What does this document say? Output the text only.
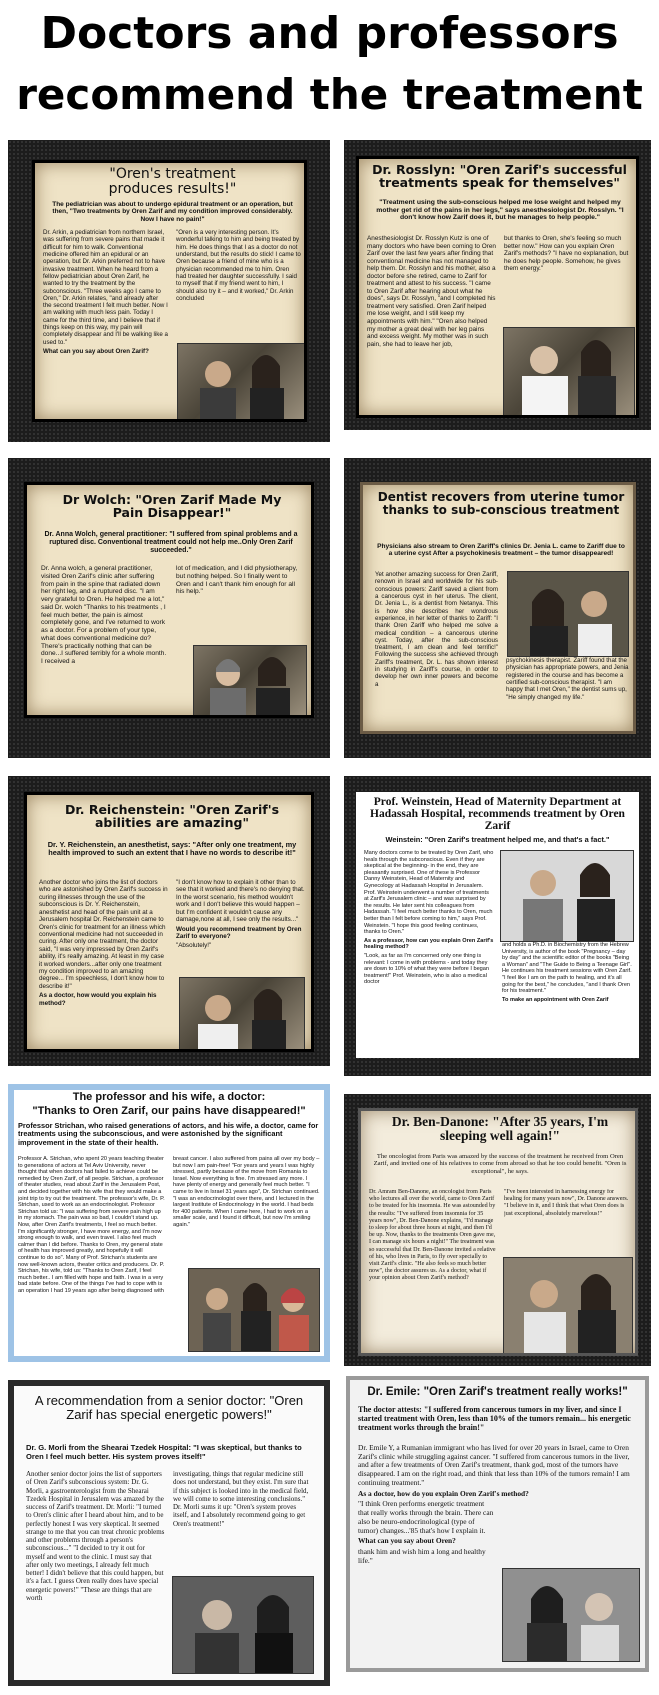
Doctors and professors
recommend the treatment
"Oren's treatment produces results!"
The pediatrician was about to undergo epidural treatment or an operation, but then, "Two treatments by Oren Zarif and my condition improved considerably. Now I have no pain!"

Dr. Arkin, a pediatrician from northern Israel, was suffering from severe pains that made it difficult for him to walk. Conventional medicine offered him an epidural or an operation, but Dr. Arkin preferred not to have invasive treatment. When he heard from a fellow pediatrician about Oren Zarif, he wanted to try the treatment by the subconscious. "Three weeks ago I came to Oren," Dr. Arkin relates, "and already after the second treatment I felt much better. Now I am walking with much less pain. Today I came for the third time, and I believe that if things keep on this way, my pain will completely disappear and I'll be walking like a used to."

What can you say about Oren Zarif?

"Oren is a very interesting person. It's wonderful talking to him and being treated by him. He does things that I as a doctor do not understand, but the results do stick! I came to Oren because a friend of mine who is a physician recommended me to him. Oren had treated her daughter successfully. I said to myself that if my friend went to him, I should also try it – and it worked," Dr. Arkin concluded

Dr. Rosslyn: "Oren Zarif's successful treatments speak for themselves"
"Treatment using the sub-conscious helped me lose weight and helped my mother get rid of the pains in her legs," says anesthesiologist Dr. Rosslyn. "I don't know how Zarif does it, but he manages to help people."

Anesthesiologist Dr. Rosslyn Kutz is one of many doctors who have been coming to Oren Zarif over the last few years after finding that conventional medicine has not managed to help them. Dr. Rosslyn and his mother, also a doctor before she retired, came to Zarif for treatment and attest to his success. "I came to Oren Zarif after hearing about what he does", says Dr. Rosslyn, "and I completed his treatment very satisfied. Oren Zarif helped me lose weight, and I still keep my appointments with him." "Oren also helped my mother a great deal with her leg pains and excess weight. My mother was in such pain, she had to leave her job,

but thanks to Oren, she's feeling so much better now." How can you explain Oren Zarif's methods? "I have no explanation, but he does help people. Somehow, he gives them energy."

Dr Wolch: "Oren Zarif Made My Pain Disappear!"
Dr. Anna Wolch, general practitioner: "I suffered from spinal problems and a ruptured disc. Conventional treatment could not help me..Only Oren Zarif succeeded."

Dr. Anna wolch, a general practitioner, visited Oren Zarif's clinic after suffering from pain in the spine that radiated down her right leg, and a ruptured disc. "I am very grateful to Oren. He helped me a lot," said Dr. wolch "Thanks to his treatments , I feel much better, the pain is almost completely gone, and I've returned to work as a doctor. For a problem of your type, what does conventional medicine do? There's practically nothing that can be done...I suffered terribly for a whole month. I received a

lot of medication, and I did physiotherapy, but nothing helped. So I finally went to Oren and I can't thank him enough for all his help."

Dentist recovers from uterine tumor thanks to sub-conscious treatment
Physicians also stream to Oren Zariff's clinics Dr. Jenia L. came to Zariff due to a uterine cyst After a psychokinesis treatment – the tumor disappeared!

Yet another amazing success for Oren Zariff, renown in Israel and worldwide for his sub-conscious powers: Zariff saved a client from a cancerous cyst in her uterus. The client, Dr. Jenia L., is a dentist from Netanya. This is how she describes her wondrous experience, in her letter of thanks to Zariff: "I thank Oren Zariff who helped me solve a medical condition – a cancerous uterine cyst. Today, after the sub-conscious treatment, I am clean and feel terrific!" Following the success she achieved through Zariff's treatment, Dr. L. has shown interest in studying in Zariff's course, in order to develop her own inner powers and become a

psychokinesis therapist. Zariff found that the physician has appropriate powers, and Jenia registered in the course and has become a certified sub-conscious therapist. "I am happy that I met Oren," the dentist sums up, "He simply changed my life."

Dr. Reichenstein: "Oren Zarif's abilities are amazing"
Dr. Y. Reichenstein, an anesthetist, says: "After only one treatment, my health improved to such an extent that I have no words to describe it!"

Another doctor who joins the list of doctors who are astonished by Oren Zarif's success in curing illnesses through the use of the subconscious is Dr. Y. Reichenstein, anesthetist and head of the pain unit at a Jerusalem hospital Dr. Reichenstein came to Oren's clinic for treatment for an illness which conventional medicine had not succeeded in curing. After only one treatment, the doctor said, "I was very impressed by Oren Zarif's ability, it's really amazing. At least in my case it worked wonders...after only one treatment my condition improved to an amazing degree... I'm speechless, I don't know how to describe it!"

As a doctor, how would you explain his method?

"I don't know how to explain it other than to see that it worked and there's no denying that. In the worst scenario, his method wouldn't work and I don't believe this would happen – but I'm confident it wouldn't cause any damage,none at all, I see only the results..."

Would you recommend treatment by Oren Zarif to everyone?

"Absolutely!"

Prof. Weinstein, Head of Maternity Department at Hadassah Hospital, recommends treatment by Oren Zarif
Weinstein: "Oren Zarif's treatment helped me, and that's a fact."

Many doctors come to be treated by Oren Zarif, who heals through the subconscious. Even if they are skeptical at the beginning- in the end, they are pleasantly surprised. One of these is Professor Danny Weinstein, Head of Maternity and Gynecology at Hadassah Hospital in Jerusalem. Prof. Weinstein underwent a number of treatments at Zarif's Jerusalem clinic – and was surprised by the results. He later sent his colleagues from Hadassah. "I feel much better thanks to Oren, much better than I felt before coming to him," says Prof. Weinstein. "I hope this good feeling continues, thanks to Oren."

As a professor, how can you explain Oren Zarif's healing method?

"Look, as far as I'm concerned only one thing is relevant: I come in with problems - and today they are down to 10% of what they were before I began treatment!" Prof. Weinstein, who is also a medical doctor

and holds a Ph.D. in Biochemistry from the Hebrew University, is author of the book "Pregnancy – day by day" and the scientific editor of the books "Being a Woman" and "The Guide to Being a Teenage Girl". He continues his treatment sessions with Oren Zarif. "I feel like I am on the path to healing, and it's all going for the best," he concludes, "and I thank Oren for his treatment."

To make an appointment with Oren Zarif

The professor and his wife, a doctor:
"Thanks to Oren Zarif, our pains have disappeared!"
Professor Strichan, who raised generations of actors, and his wife, a doctor, came for treatments using the subconscious, and were astonished by the significant improvement in the state of their health.

Professor A. Strichan, who spent 20 years teaching theater to generations of actors at Tel Aviv University, never thought that when doctors had failed to achieve could be remedied by Oren Zarif, of all people. Strichan, a professor of theater studies, read about Zarif in the Jerusalem Post, and decided together with his wife that they would make a joint trip to try out the treatment. The professor's wife, Dr. P. Strichan, used to work as an endocrinologist. Professor Strichan told us: "I was suffering from severe pain high up in my stomach. The pain was so bad, I couldn't stand up. Now, after Oren Zarif's treatments, I feel so much better. I'm significantly stronger, I have more energy, and I'm now strong enough to walk, and even travel. I also feel much calmer than I did before. Thanks to Oren, my general state of health has improved greatly, and hopefully it will continue to do so". Many of Prof. Strichan's students are now well-known actors, theater critics and producers. Dr. P. Strichan, his wife, told us: "Thanks to Oren Zarif, I feel much better.. I am filled with hope and faith. I was in a very bad state before. One of the things I've had to cope with is an operation I had 19 years ago after being diagnosed with

breast cancer. I also suffered from pains all over my body – but now I am pain-free! "For years and years I was highly stressed, partly because of the move from Romania to Israel. Now everything is fine. I'm stressed any more. I have plenty of energy and generally feel much better. "I came to live in Israel 31 years ago", Dr. Strichan continued. "I was an endocrinologist over there, and I lectured in the largest Institute of Endocrinology in the world. I had beds for 400 patients. When I came here, I had to work on a smaller scale, and I found it difficult, but now I'm smiling again."

Dr. Ben-Danone: "After 35 years, I'm sleeping well again!"
The oncologist from Paris was amazed by the success of the treatment he received from Oren Zarif, and invited one of his relatives to come from abroad so that he too could benefit. "Oren is exceptional", he says.

Dr. Amram Ben-Danone, an oncologist from Paris who lectures all over the world, came to Oren Zarif to be treated for his insomnia. He was astounded by the results: "I've suffered from insomnia for 35 years now", Dr. Ben-Danone explains, "I'd manage to sleep for about three hours at night, and then I'd be up. Now, thanks to the treatments Oren gave me, I can manage six hours a night!" The treatment was so successful that Dr. Ben-Danone invited a relative of his, who lives in Paris, to fly over specially to visit Zarif's clinic. "He also feels so much better now", the doctor assures us. As a doctor, what if your opinion about Oren Zarif's method?

"I've been interested in harnessing energy for healing for many years now", Dr. Danone answers. "I believe in it, and I think that what Oren does is just exceptional, absolutely marvelous!"

A recommendation from a senior doctor: "Oren Zarif has special energetic powers!"
Dr. G. Morli from the Shearai Tzedek Hospital: "I was skeptical, but thanks to Oren I feel much better. His system proves itself!"

Another senior doctor joins the list of supporters of Oren Zarif's subconscious system: Dr. G. Morli, a gastroenterologist from the Shearai Tzedek Hospital in Jerusalem was amazed by the success of Zarif's treatment. Dr. Morli: "I turned to Oren's clinic after I heard about him, and to be perfectly honest I was very skeptical. It seemed strange to me that you can treat chronic problems and other problems through a person's subconscious..." "I decided to try it out for myself and went to the clinic. I must say that after only two meetings, I already felt much better! I didn't believe that this could happen, but it's a fact. I guess Oren really does have special energetic powers!" "These are things that are worth

investigating, things that regular medicine still does not understand, but they exist. I'm sure that if this subject is looked into in the medical field, we will come to some interesting conclusions." Dr. Morli sums it up: "Oren's system proves itself, and I absolutely recommend going to get Oren's treatment!"

Dr. Emile: "Oren Zarif's treatment really works!"
The doctor attests: "I suffered from cancerous tumors in my liver, and since I started treatment with Oren, less than 10% of the tumors remain... his energetic treatment works through the brain!"

Dr. Emile Y, a Rumanian immigrant who has lived for over 20 years in Israel, came to Oren Zarif's clinic while struggling against cancer. "I suffered from cancerous tumors in the liver, and after a few treatments of Oren Zarif's treatment, thank god, most of the tumors have disappeared. I am on the right road, and think that less than 10% of the tumors remain! I am continuing treatment."

As a doctor, how do you explain Oren Zarif's method?

"I think Oren performs energetic treatment that really works through the brain. There can also be neuro-endocrinological (type of tumor) changes...'85 that's how I explain it.

What can you say about Oren?

thank him and wish him a long and healthy life."
